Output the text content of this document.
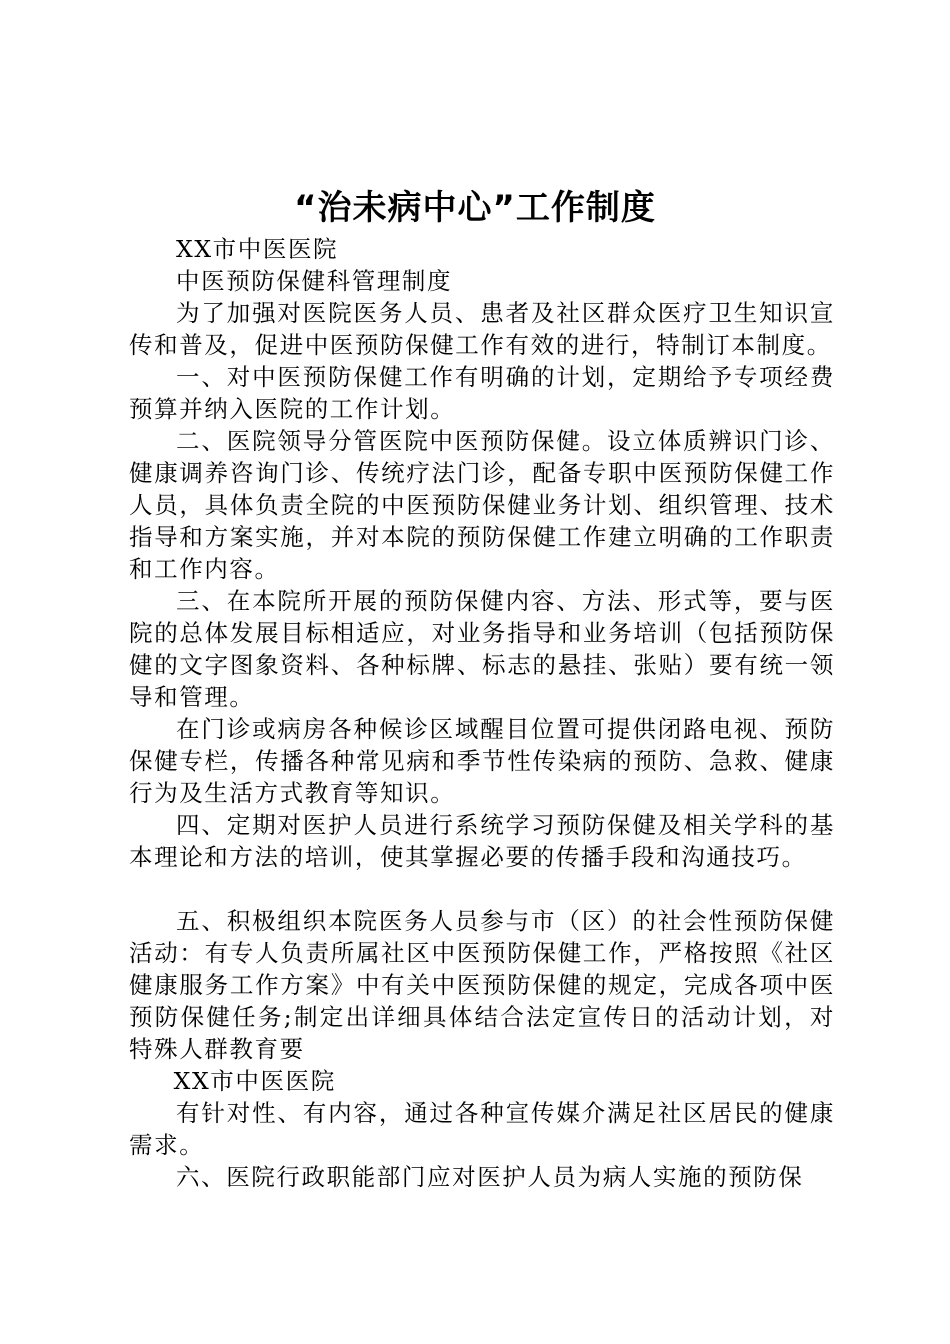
“治未病中心”工作制度

XX市中医医院

中医预防保健科管理制度

为了加强对医院医务人员、患者及社区群众医疗卫生知识宣传和普及，促进中医预防保健工作有效的进行，特制订本制度。

一、对中医预防保健工作有明确的计划，定期给予专项经费预算并纳入医院的工作计划。

二、医院领导分管医院中医预防保健。设立体质辨识门诊、健康调养咨询门诊、传统疗法门诊，配备专职中医预防保健工作人员，具体负责全院的中医预防保健业务计划、组织管理、技术指导和方案实施，并对本院的预防保健工作建立明确的工作职责和工作内容。

三、在本院所开展的预防保健内容、方法、形式等，要与医院的总体发展目标相适应，对业务指导和业务培训（包括预防保健的文字图象资料、各种标牌、标志的悬挂、张贴）要有统一领导和管理。

在门诊或病房各种候诊区域醒目位置可提供闭路电视、预防保健专栏，传播各种常见病和季节性传染病的预防、急救、健康行为及生活方式教育等知识。

四、定期对医护人员进行系统学习预防保健及相关学科的基本理论和方法的培训，使其掌握必要的传播手段和沟通技巧。

五、积极组织本院医务人员参与市（区）的社会性预防保健活动：有专人负责所属社区中医预防保健工作，严格按照《社区健康服务工作方案》中有关中医预防保健的规定，完成各项中医预防保健任务;制定出详细具体结合法定宣传日的活动计划，对特殊人群教育要

XX市中医医院

有针对性、有内容，通过各种宣传媒介满足社区居民的健康需求。

六、医院行政职能部门应对医护人员为病人实施的预防保
